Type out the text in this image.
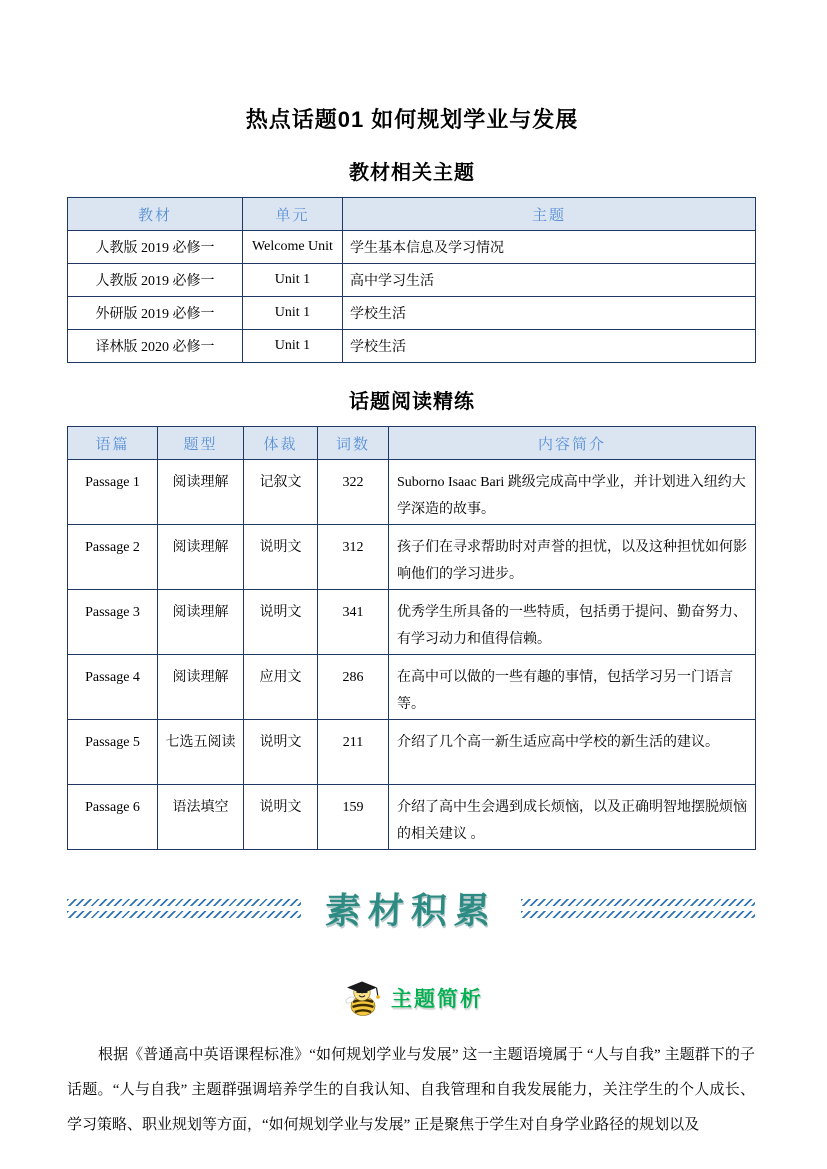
热点话题01 如何规划学业与发展
教材相关主题
教材	单元	主题
人教版 2019 必修一	Welcome Unit	学生基本信息及学习情况
人教版 2019 必修一	Unit 1	高中学习生活
外研版 2019 必修一	Unit 1	学校生活
译林版 2020 必修一	Unit 1	学校生活
话题阅读精练
语篇	题型	体裁	词数	内容简介
Passage 1	阅读理解	记叙文	322	Suborno Isaac Bari 跳级完成高中学业，并计划进入纽约大学深造的故事。
Passage 2	阅读理解	说明文	312	孩子们在寻求帮助时对声誉的担忧，以及这种担忧如何影响他们的学习进步。
Passage 3	阅读理解	说明文	341	优秀学生所具备的一些特质，包括勇于提问、勤奋努力、有学习动力和值得信赖。
Passage 4	阅读理解	应用文	286	在高中可以做的一些有趣的事情，包括学习另一门语言等。
Passage 5	七选五阅读	说明文	211	介绍了几个高一新生适应高中学校的新生活的建议。
Passage 6	语法填空	说明文	159	介绍了高中生会遇到成长烦恼，以及正确明智地摆脱烦恼的相关建议 。
素材积累
主题简析

根据《普通高中英语课程标准》“如何规划学业与发展” 这一主题语境属于 “人与自我” 主题群下的子话题。“人与自我” 主题群强调培养学生的自我认知、自我管理和自我发展能力，关注学生的个人成长、学习策略、职业规划等方面，“如何规划学业与发展” 正是聚焦于学生对自身学业路径的规划以及
